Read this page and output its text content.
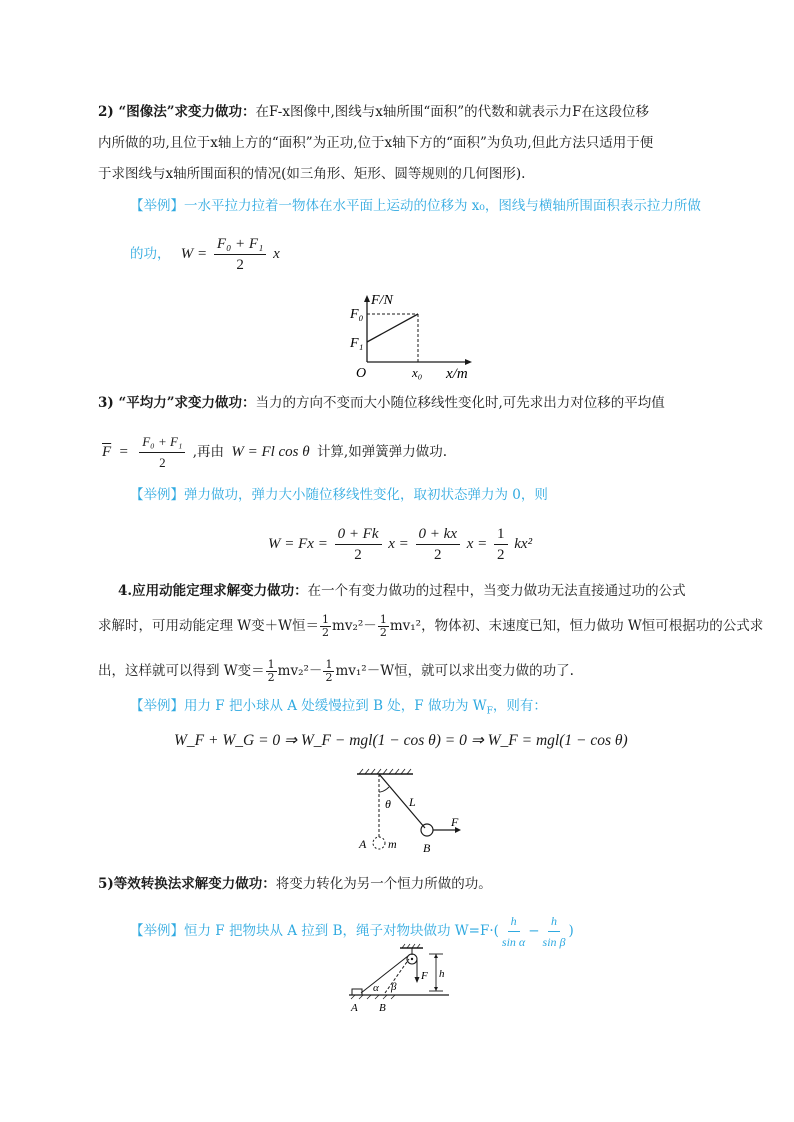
2) “图像法”求变力做功：在F-x图像中,图线与x轴所围“面积”的代数和就表示力F在这段位移
内所做的功,且位于x轴上方的“面积”为正功,位于x轴下方的“面积”为负功,但此方法只适用于便
于求图线与x轴所围面积的情况(如三角形、矩形、圆等规则的几何图形).
【举例】一水平拉力拉着一物体在水平面上运动的位移为 x₀，图线与横轴所围面积表示拉力所做
的功， $W = \frac{\text{F₀ + F₁}}{2}$ x
F/N
F₀
F₁
O	x₀ x/m
3) “平均力”求变力做功：当力的方向不变而大小随位移线性变化时,可先求出力对位移的平均值
$\overline{F} = \frac{\text{F₀ + F₁}}{2}$ ,再由 W = Fl cos θ 计算,如弹簧弹力做功.
【举例】弹力做功，弹力大小随位移线性变化，取初状态弹力为 0，则
$W = Fx = \frac{0 + Fk}{2}$ $x = \frac{0 + kx}{2}$ $x = \frac{1}{2} kx^2$
4.应用动能定理求解变力做功：在一个有变力做功的过程中，当变力做功无法直接通过功的公式
求解时，可用动能定理 W变＋W恒＝ $\frac{1}{2} mv_2^2- \frac{1}{2} mv_1^2$，物体初、末速度已知，恒力做功 W恒可根据功的公式求
出，这样就可以得到 W变＝ $\frac{1}{2} mv_2^2- \frac{1}{2} mv_1^2-W$恒，就可以求出变力做的功了.
【举例】用力 F 把小球从 A 处缓慢拉到 B 处，F 做功为 $W_F$，则有：
W_F + W_G = 0 ⇒ W_F − mgl(1 − cos θ) = 0 ⇒ W_F = mgl(1 − cos θ)
θ L
F
A m B
5)等效转换法求解变力做功：将变力转化为另一个恒力所做的功。
【举例】恒力 F 把物块从 A 拉到 B，绳子对物块做功 $W=F\cdot( \frac{h}{\text{sin α}} - \frac{h}{\text{sin β}}$ )
α β
F h
A B
